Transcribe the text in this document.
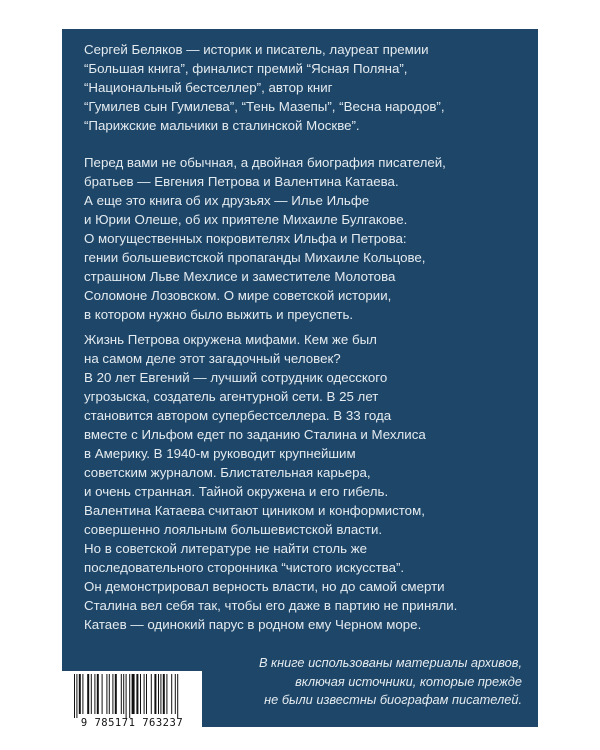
Сергей Беляков — историк и писатель, лауреат премии
“Большая книга”, финалист премий “Ясная Поляна”,
“Национальный бестселлер”, автор книг
“Гумилев сын Гумилева”, “Тень Мазепы”, “Весна народов”,
“Парижские мальчики в сталинской Москве”.
Перед вами не обычная, а двойная биография писателей,
братьев — Евгения Петрова и Валентина Катаева.
А еще это книга об их друзьях — Илье Ильфе
и Юрии Олеше, об их приятеле Михаиле Булгакове.
О могущественных покровителях Ильфа и Петрова:
гении большевистской пропаганды Михаиле Кольцове,
страшном Льве Мехлисе и заместителе Молотова
Соломоне Лозовском. О мире советской истории,
в котором нужно было выжить и преуспеть.
Жизнь Петрова окружена мифами. Кем же был
на самом деле этот загадочный человек?
В 20 лет Евгений — лучший сотрудник одесского
угрозыска, создатель агентурной сети. В 25 лет
становится автором супербестселлера. В 33 года
вместе с Ильфом едет по заданию Сталина и Мехлиса
в Америку. В 1940-м руководит крупнейшим
советским журналом. Блистательная карьера,
и очень странная. Тайной окружена и его гибель.
Валентина Катаева считают циником и конформистом,
совершенно лояльным большевистской власти.
Но в советской литературе не найти столь же
последовательного сторонника “чистого искусства”.
Он демонстрировал верность власти, но до самой смерти
Сталина вел себя так, чтобы его даже в партию не приняли.
Катаев — одинокий парус в родном ему Черном море.
В книге использованы материалы архивов,
включая источники, которые прежде
не были известны биографам писателей.
9 785171 763237
